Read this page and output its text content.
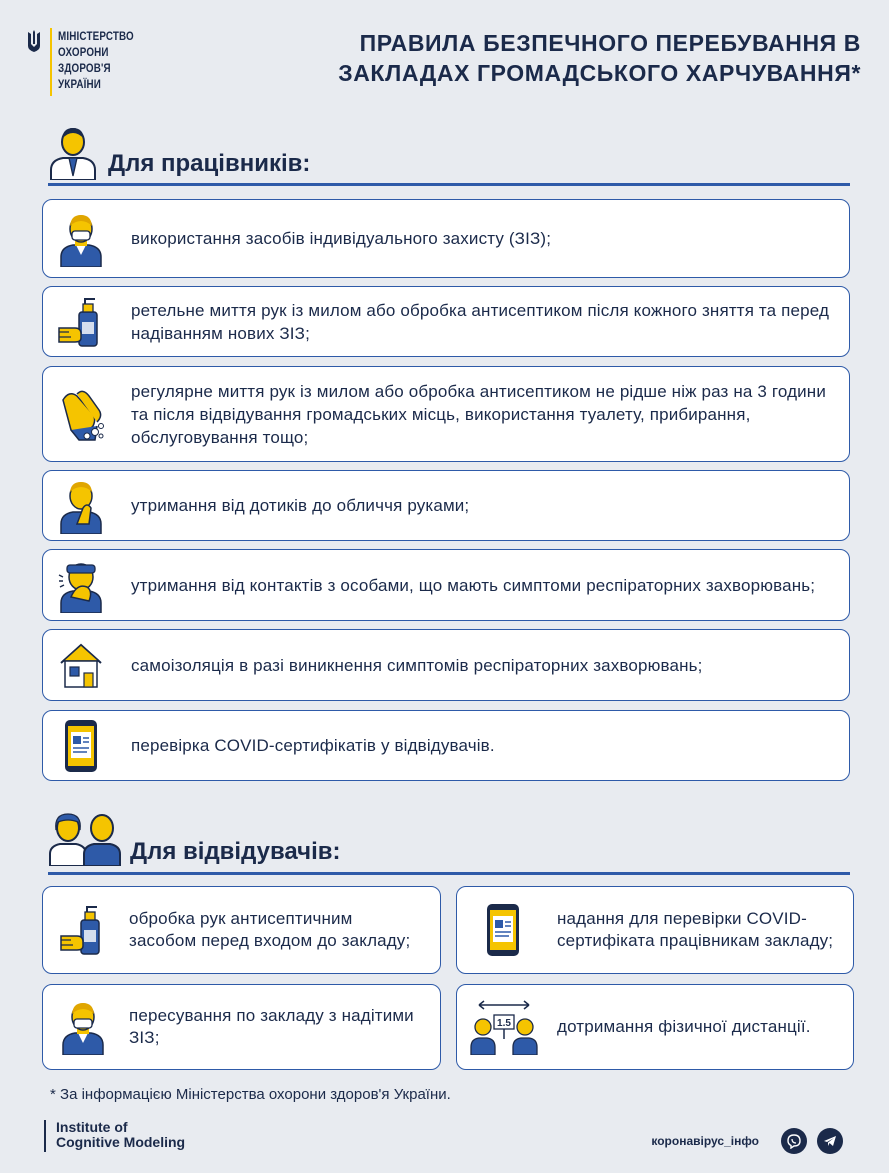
МІНІСТЕРСТВО
ОХОРОНИ
ЗДОРОВ'Я
УКРАЇНИ
ПРАВИЛА БЕЗПЕЧНОГО ПЕРЕБУВАННЯ В
ЗАКЛАДАХ ГРОМАДСЬКОГО ХАРЧУВАННЯ*
Для працівників:
використання засобів індивідуального захисту (ЗІЗ);
ретельне миття рук із милом або обробка антисептиком після кожного зняття та перед надіванням нових ЗІЗ;
регулярне миття рук із милом або обробка антисептиком не рідше ніж раз на 3 години та після відвідування громадських місць, використання туалету, прибирання, обслуговування тощо;
утримання від дотиків до обличчя руками;
утримання від контактів з особами, що мають симптоми респіраторних захворювань;
самоізоляція в разі виникнення симптомів респіраторних захворювань;
перевірка COVID-сертифікатів у відвідувачів.
Для відвідувачів:
обробка рук антисептичним засобом перед входом до закладу;
надання для перевірки COVID-сертифіката працівникам закладу;
пересування по закладу з надітими ЗІЗ;
1.5	дотримання фізичної дистанції.
* За інформацією Міністерства охорони здоров'я України.
Institute of
Cognitive Modeling	коронавірус_інфо
